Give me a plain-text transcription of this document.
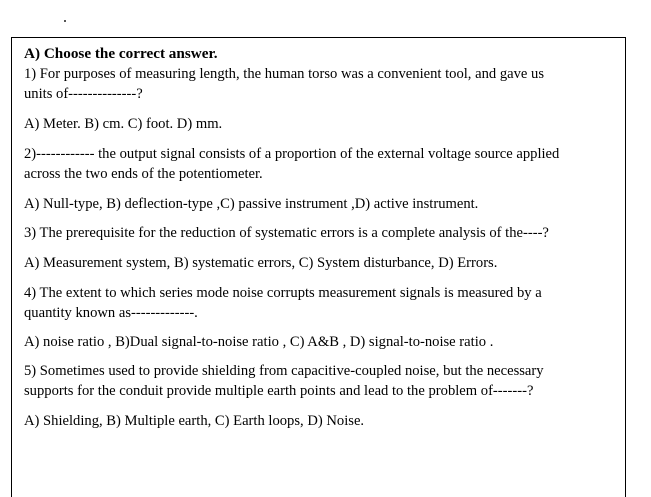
A) Choose the correct answer.

1) For purposes of measuring length, the human torso was a convenient tool, and gave us

units of--------------?

A) Meter. B) cm. C) foot. D) mm.

2)------------ the output signal consists of a proportion of the external voltage source applied

across the two ends of the potentiometer.

A) Null-type, B) deflection-type ,C) passive instrument ,D) active instrument.

3) The prerequisite for the reduction of systematic errors is a complete analysis of the----?

A) Measurement system, B) systematic errors, C) System disturbance, D) Errors.

4) The extent to which series mode noise corrupts measurement signals is measured by a

quantity known as-------------.

A) noise ratio , B)Dual signal-to-noise ratio , C) A&B , D) signal-to-noise ratio .

5) Sometimes used to provide shielding from capacitive-coupled noise, but the necessary

supports for the conduit provide multiple earth points and lead to the problem of-------?

A) Shielding, B) Multiple earth, C) Earth loops, D) Noise.
